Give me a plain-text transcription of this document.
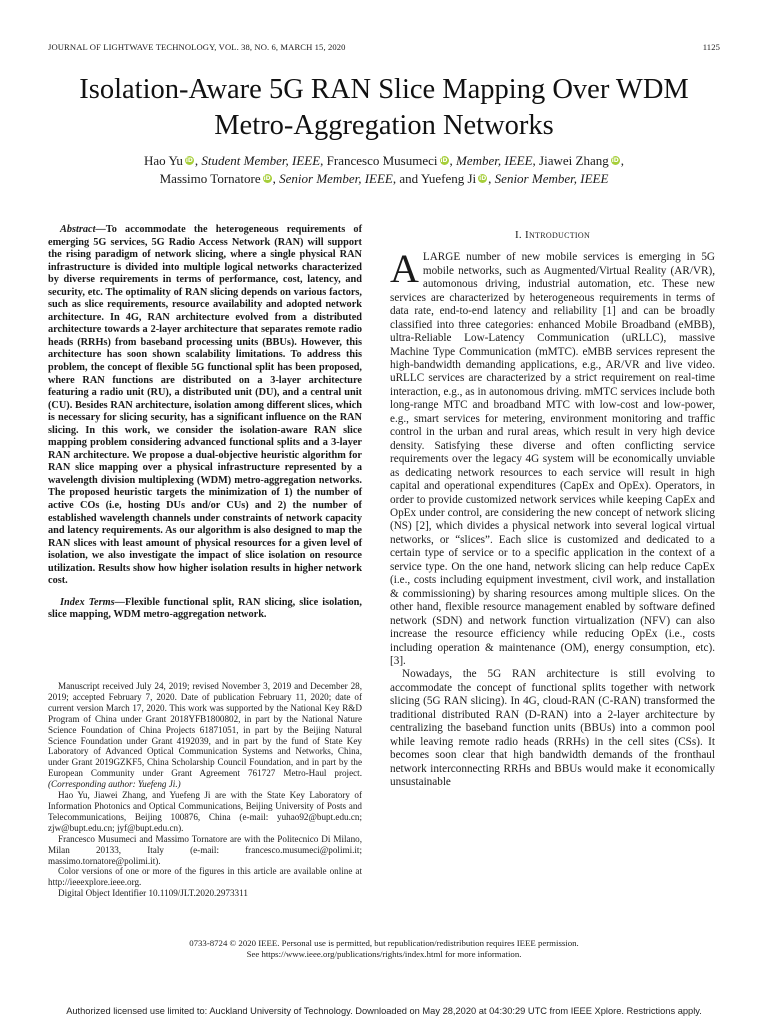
JOURNAL OF LIGHTWAVE TECHNOLOGY, VOL. 38, NO. 6, MARCH 15, 2020	1125
Isolation-Aware 5G RAN Slice Mapping Over WDM
Metro-Aggregation Networks
Hao Yu iD , Student Member, IEEE, Francesco Musumeci iD , Member, IEEE, Jiawei Zhang iD ,
Massimo Tornatore iD , Senior Member, IEEE, and Yuefeng Ji iD , Senior Member, IEEE

Abstract—To accommodate the heterogeneous requirements of emerging 5G services, 5G Radio Access Network (RAN) will support the rising paradigm of network slicing, where a single physical RAN infrastructure is divided into multiple logical networks characterized by diverse requirements in terms of performance, cost, latency, and security, etc. The optimality of RAN slicing depends on various factors, such as slice requirements, resource availability and adopted network architecture. In 4G, RAN architecture evolved from a distributed architecture towards a 2-layer architecture that separates remote radio heads (RRHs) from baseband processing units (BBUs). However, this architecture has soon shown scalability limitations. To address this problem, the concept of flexible 5G functional split has been proposed, where RAN functions are distributed on a 3-layer architecture featuring a radio unit (RU), a distributed unit (DU), and a central unit (CU). Besides RAN architecture, isolation among different slices, which is necessary for slicing security, has a significant influence on the RAN slicing. In this work, we consider the isolation-aware RAN slice mapping problem considering advanced functional splits and a 3-layer RAN architecture. We propose a dual-objective heuristic algorithm for RAN slice mapping over a physical infrastructure represented by a wavelength division multiplexing (WDM) metro-aggregation networks. The proposed heuristic targets the minimization of 1) the number of active COs (i.e, hosting DUs and/or CUs) and 2) the number of established wavelength channels under constraints of network capacity and latency requirements. As our algorithm is also designed to map the RAN slices with least amount of physical resources for a given level of isolation, we also investigate the impact of slice isolation on resource utilization. Results show how higher isolation results in higher network cost.

Index Terms—Flexible functional split, RAN slicing, slice isolation, slice mapping, WDM metro-aggregation network.

Manuscript received July 24, 2019; revised November 3, 2019 and December 28, 2019; accepted February 7, 2020. Date of publication February 11, 2020; date of current version March 17, 2020. This work was supported by the National Key R&D Program of China under Grant 2018YFB1800802, in part by the National Nature Science Foundation of China Projects 61871051, in part by the Beijing Natural Science Foundation under Grant 4192039, and in part by the fund of State Key Laboratory of Advanced Optical Communication Systems and Networks, China, under Grant 2019GZKF5, China Scholarship Council Foundation, and in part by the European Community under Grant Agreement 761727 Metro-Haul project. (Corresponding author: Yuefeng Ji.)

Hao Yu, Jiawei Zhang, and Yuefeng Ji are with the State Key Laboratory of Information Photonics and Optical Communications, Beijing University of Posts and Telecommunications, Beijing 100876, China (e-mail: yuhao92@bupt.edu.cn; zjw@bupt.edu.cn; jyf@bupt.edu.cn).

Francesco Musumeci and Massimo Tornatore are with the Politecnico Di Milano, Milan 20133, Italy (e-mail: francesco.musumeci@polimi.it; massimo.tornatore@polimi.it).

Color versions of one or more of the figures in this article are available online at http://ieeexplore.ieee.org.

Digital Object Identifier 10.1109/JLT.2020.2973311

I. Introduction

ALARGE number of new mobile services is emerging in 5G mobile networks, such as Augmented/Virtual Reality (AR/VR), automonous driving, industrial automation, etc. These new services are characterized by heterogeneous requirements in terms of data rate, end-to-end latency and reliability [1] and can be broadly classified into three categories: enhanced Mobile Broadband (eMBB), ultra-Reliable Low-Latency Communication (uRLLC), massive Machine Type Communication (mMTC). eMBB services represent the high-bandwidth demanding applications, e.g., AR/VR and live video. uRLLC services are characterized by a strict requirement on real-time interaction, e.g., as in autonomous driving. mMTC services include both long-range MTC and broadband MTC with low-cost and low-power, e.g., smart services for metering, environment monitoring and traffic control in the urban and rural areas, which result in very high device density. Satisfying these diverse and often conflicting service requirements over the legacy 4G system will be economically unviable as dedicating network resources to each service will result in high capital and operational expenditures (CapEx and OpEx). Operators, in order to provide customized network services while keeping CapEx and OpEx under control, are considering the new concept of network slicing (NS) [2], which divides a physical network into several logical virtual networks, or “slices”. Each slice is customized and dedicated to a certain type of service or to a specific application in the context of a service type. On the one hand, network slicing can help reduce CapEx (i.e., costs including equipment investment, civil work, and installation & commissioning) by sharing resources among multiple slices. On the other hand, flexible resource management enabled by software defined network (SDN) and network function virtualization (NFV) can also increase the resource efficiency while reducing OpEx (i.e., costs including operation & maintenance (OM), energy consumption, etc). [3].

Nowadays, the 5G RAN architecture is still evolving to accommodate the concept of functional splits together with network slicing (5G RAN slicing). In 4G, cloud-RAN (C-RAN) transformed the traditional distributed RAN (D-RAN) into a 2-layer architecture by centralizing the baseband function units (BBUs) into a common pool while leaving remote radio heads (RRHs) in the cell sites (CSs). It becomes soon clear that high bandwidth demands of the fronthaul network interconnecting RRHs and BBUs would make it economically unsustainable

0733-8724 © 2020 IEEE. Personal use is permitted, but republication/redistribution requires IEEE permission.
See https://www.ieee.org/publications/rights/index.html for more information.
Authorized licensed use limited to: Auckland University of Technology. Downloaded on May 28,2020 at 04:30:29 UTC from IEEE Xplore. Restrictions apply.
